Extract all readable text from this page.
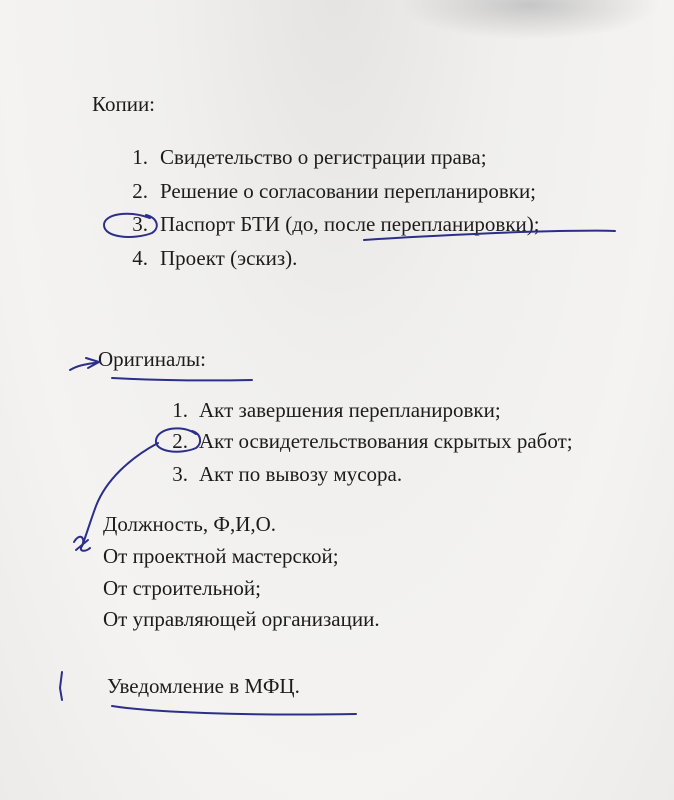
Копии:
1. Свидетельство о регистрации права;
2. Решение о согласовании перепланировки;
3. Паспорт БТИ (до, после перепланировки);
4. Проект (эскиз).
Оригиналы:
1. Акт завершения перепланировки;
2. Акт освидетельствования скрытых работ;
3. Акт по вывозу мусора.
Должность, Ф,И,О.
От проектной мастерской;
От строительной;
От управляющей организации.
Уведомление в МФЦ.
